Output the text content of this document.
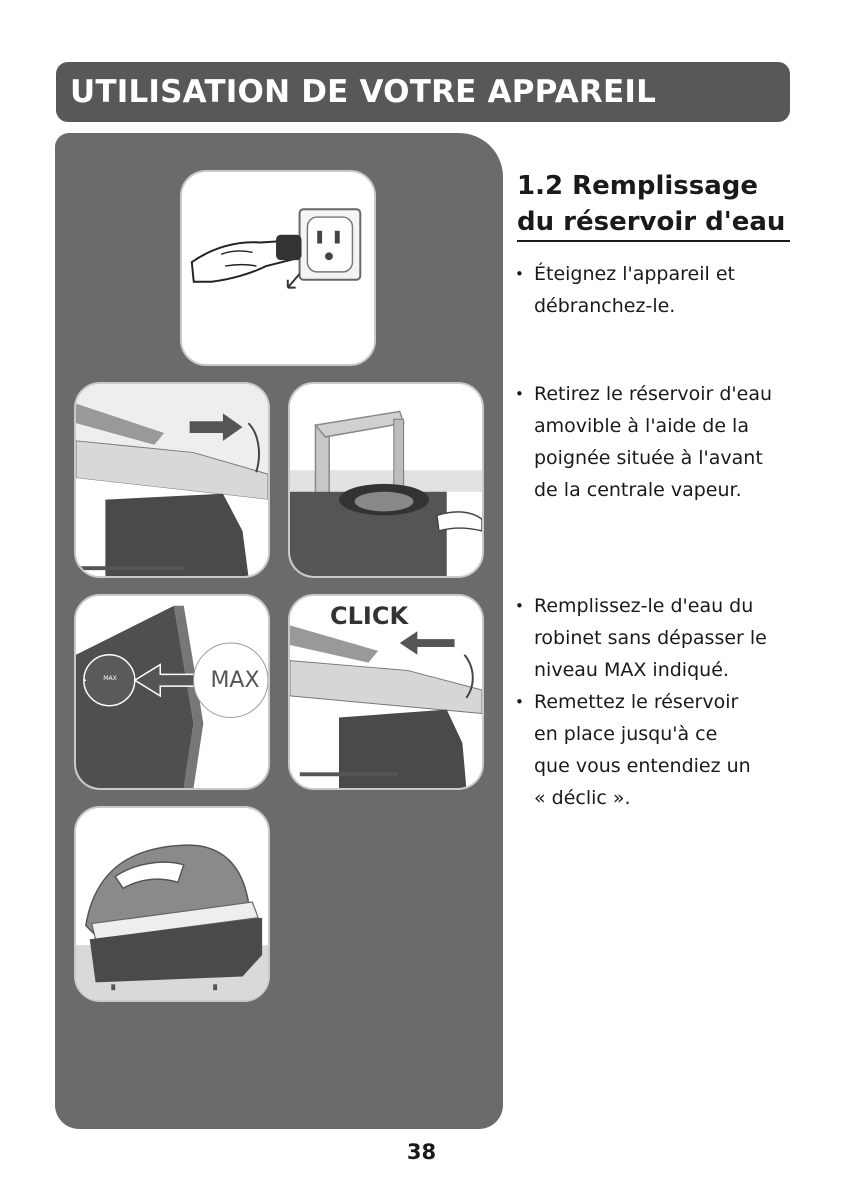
UTILISATION DE VOTRE APPAREIL
MAX
MAX
CLICK
1.2 Remplissage
du réservoir d'eau
• Éteignez l'appareil et
débranchez-le.
• Retirez le réservoir d'eau
amovible à l'aide de la
poignée située à l'avant
de la centrale vapeur.
• Remplissez-le d'eau du
robinet sans dépasser le
niveau MAX indiqué.
• Remettez le réservoir
en place jusqu'à ce
que vous entendiez un
« déclic ».
38
